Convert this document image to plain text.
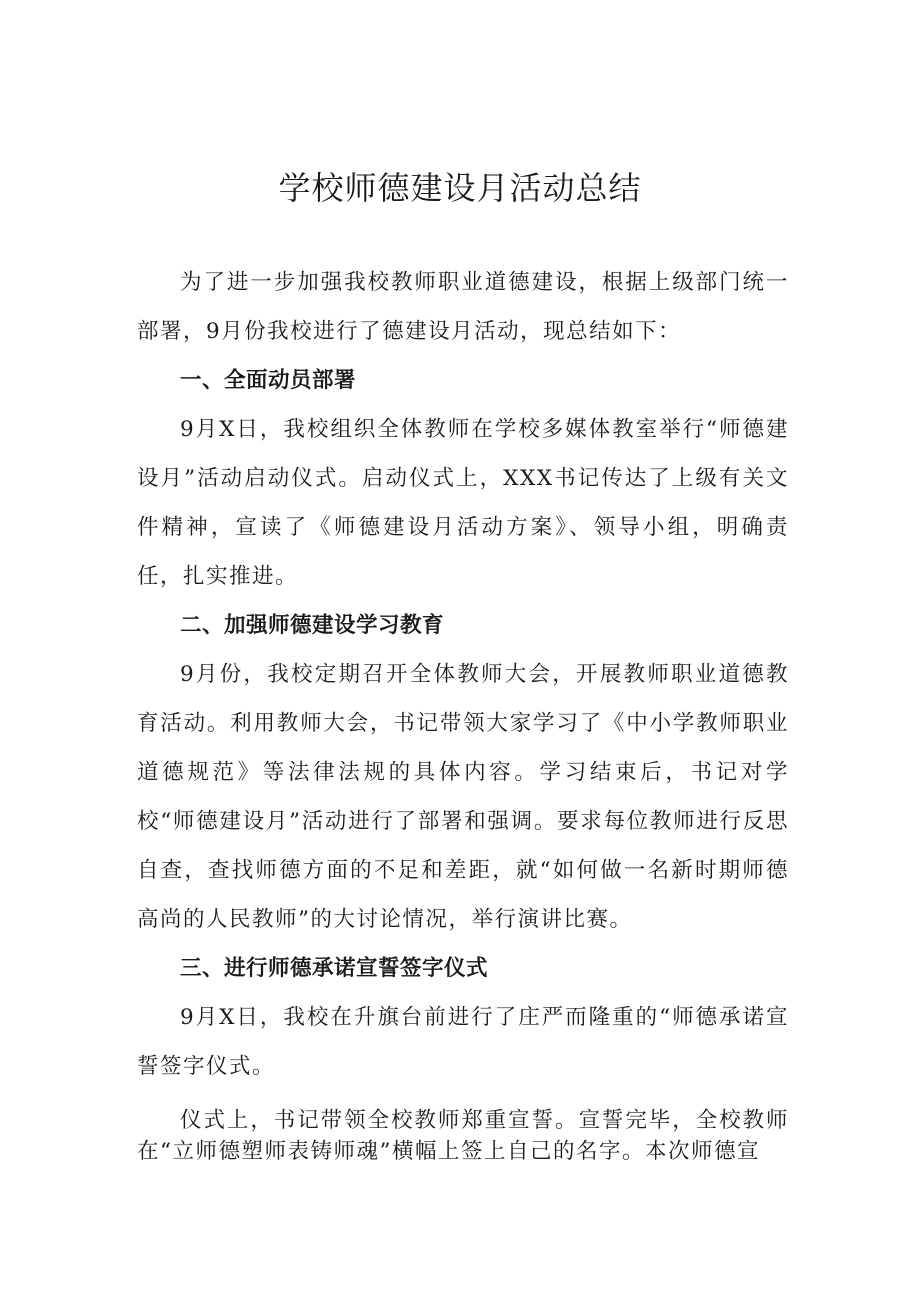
学校师德建设月活动总结

为了进一步加强我校教师职业道德建设，根据上级部门统一部署，9月份我校进行了德建设月活动，现总结如下：

一、全面动员部署

9月X日，我校组织全体教师在学校多媒体教室举行“师德建设月”活动启动仪式。启动仪式上，XXX书记传达了上级有关文件精神，宣读了《师德建设月活动方案》、领导小组，明确责任，扎实推进。

二、加强师德建设学习教育

9月份，我校定期召开全体教师大会，开展教师职业道德教育活动。利用教师大会，书记带领大家学习了《中小学教师职业道德规范》等法律法规的具体内容。学习结束后，书记对学校“师德建设月”活动进行了部署和强调。要求每位教师进行反思自查，查找师德方面的不足和差距，就“如何做一名新时期师德高尚的人民教师”的大讨论情况，举行演讲比赛。

三、进行师德承诺宣誓签字仪式

9月X日，我校在升旗台前进行了庄严而隆重的“师德承诺宣誓签字仪式。

仪式上，书记带领全校教师郑重宣誓。宣誓完毕，全校教师在“立师德塑师表铸师魂”横幅上签上自己的名字。本次师德宣
